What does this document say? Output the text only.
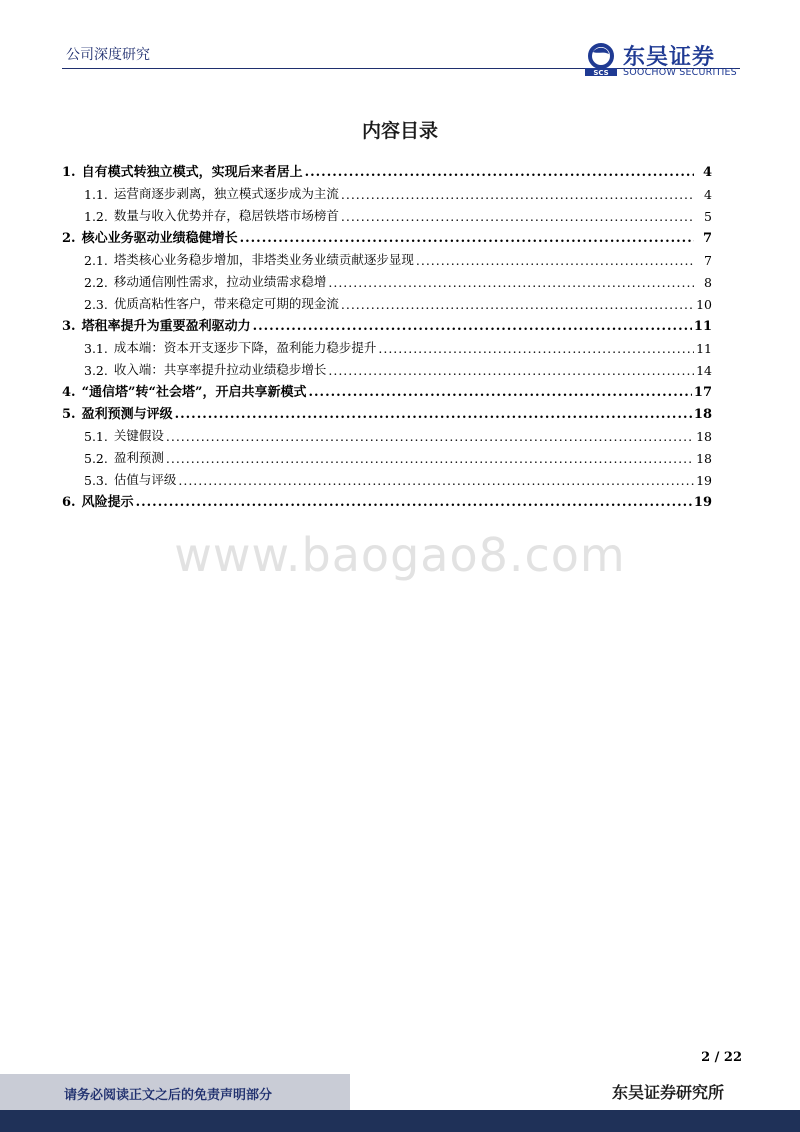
公司深度研究
SCS
东吴证券
SOOCHOW SECURITIES
内容目录
1. 自有模式转独立模式，实现后来者居上 .....	4
1.1. 运营商逐步剥离，独立模式逐步成为主流 .....	4
1.2. 数量与收入优势并存，稳居铁塔市场榜首 .....	5
2. 核心业务驱动业绩稳健增长 .....	7
2.1. 塔类核心业务稳步增加，非塔类业务业绩贡献逐步显现 .....	7
2.2. 移动通信刚性需求，拉动业绩需求稳增 .....	8
2.3. 优质高粘性客户，带来稳定可期的现金流 .....	10
3. 塔租率提升为重要盈利驱动力 .....	11
3.1. 成本端：资本开支逐步下降，盈利能力稳步提升 .....	11
3.2. 收入端：共享率提升拉动业绩稳步增长 .....	14
4. “通信塔”转“社会塔”，开启共享新模式 .....	17
5. 盈利预测与评级 .....	18
5.1. 关键假设 .....	18
5.2. 盈利预测 .....	18
5.3. 估值与评级 .....	19
6. 风险提示 .....	19
www.baogao8.com
2 / 22
东吴证券研究所
请务必阅读正文之后的免责声明部分
